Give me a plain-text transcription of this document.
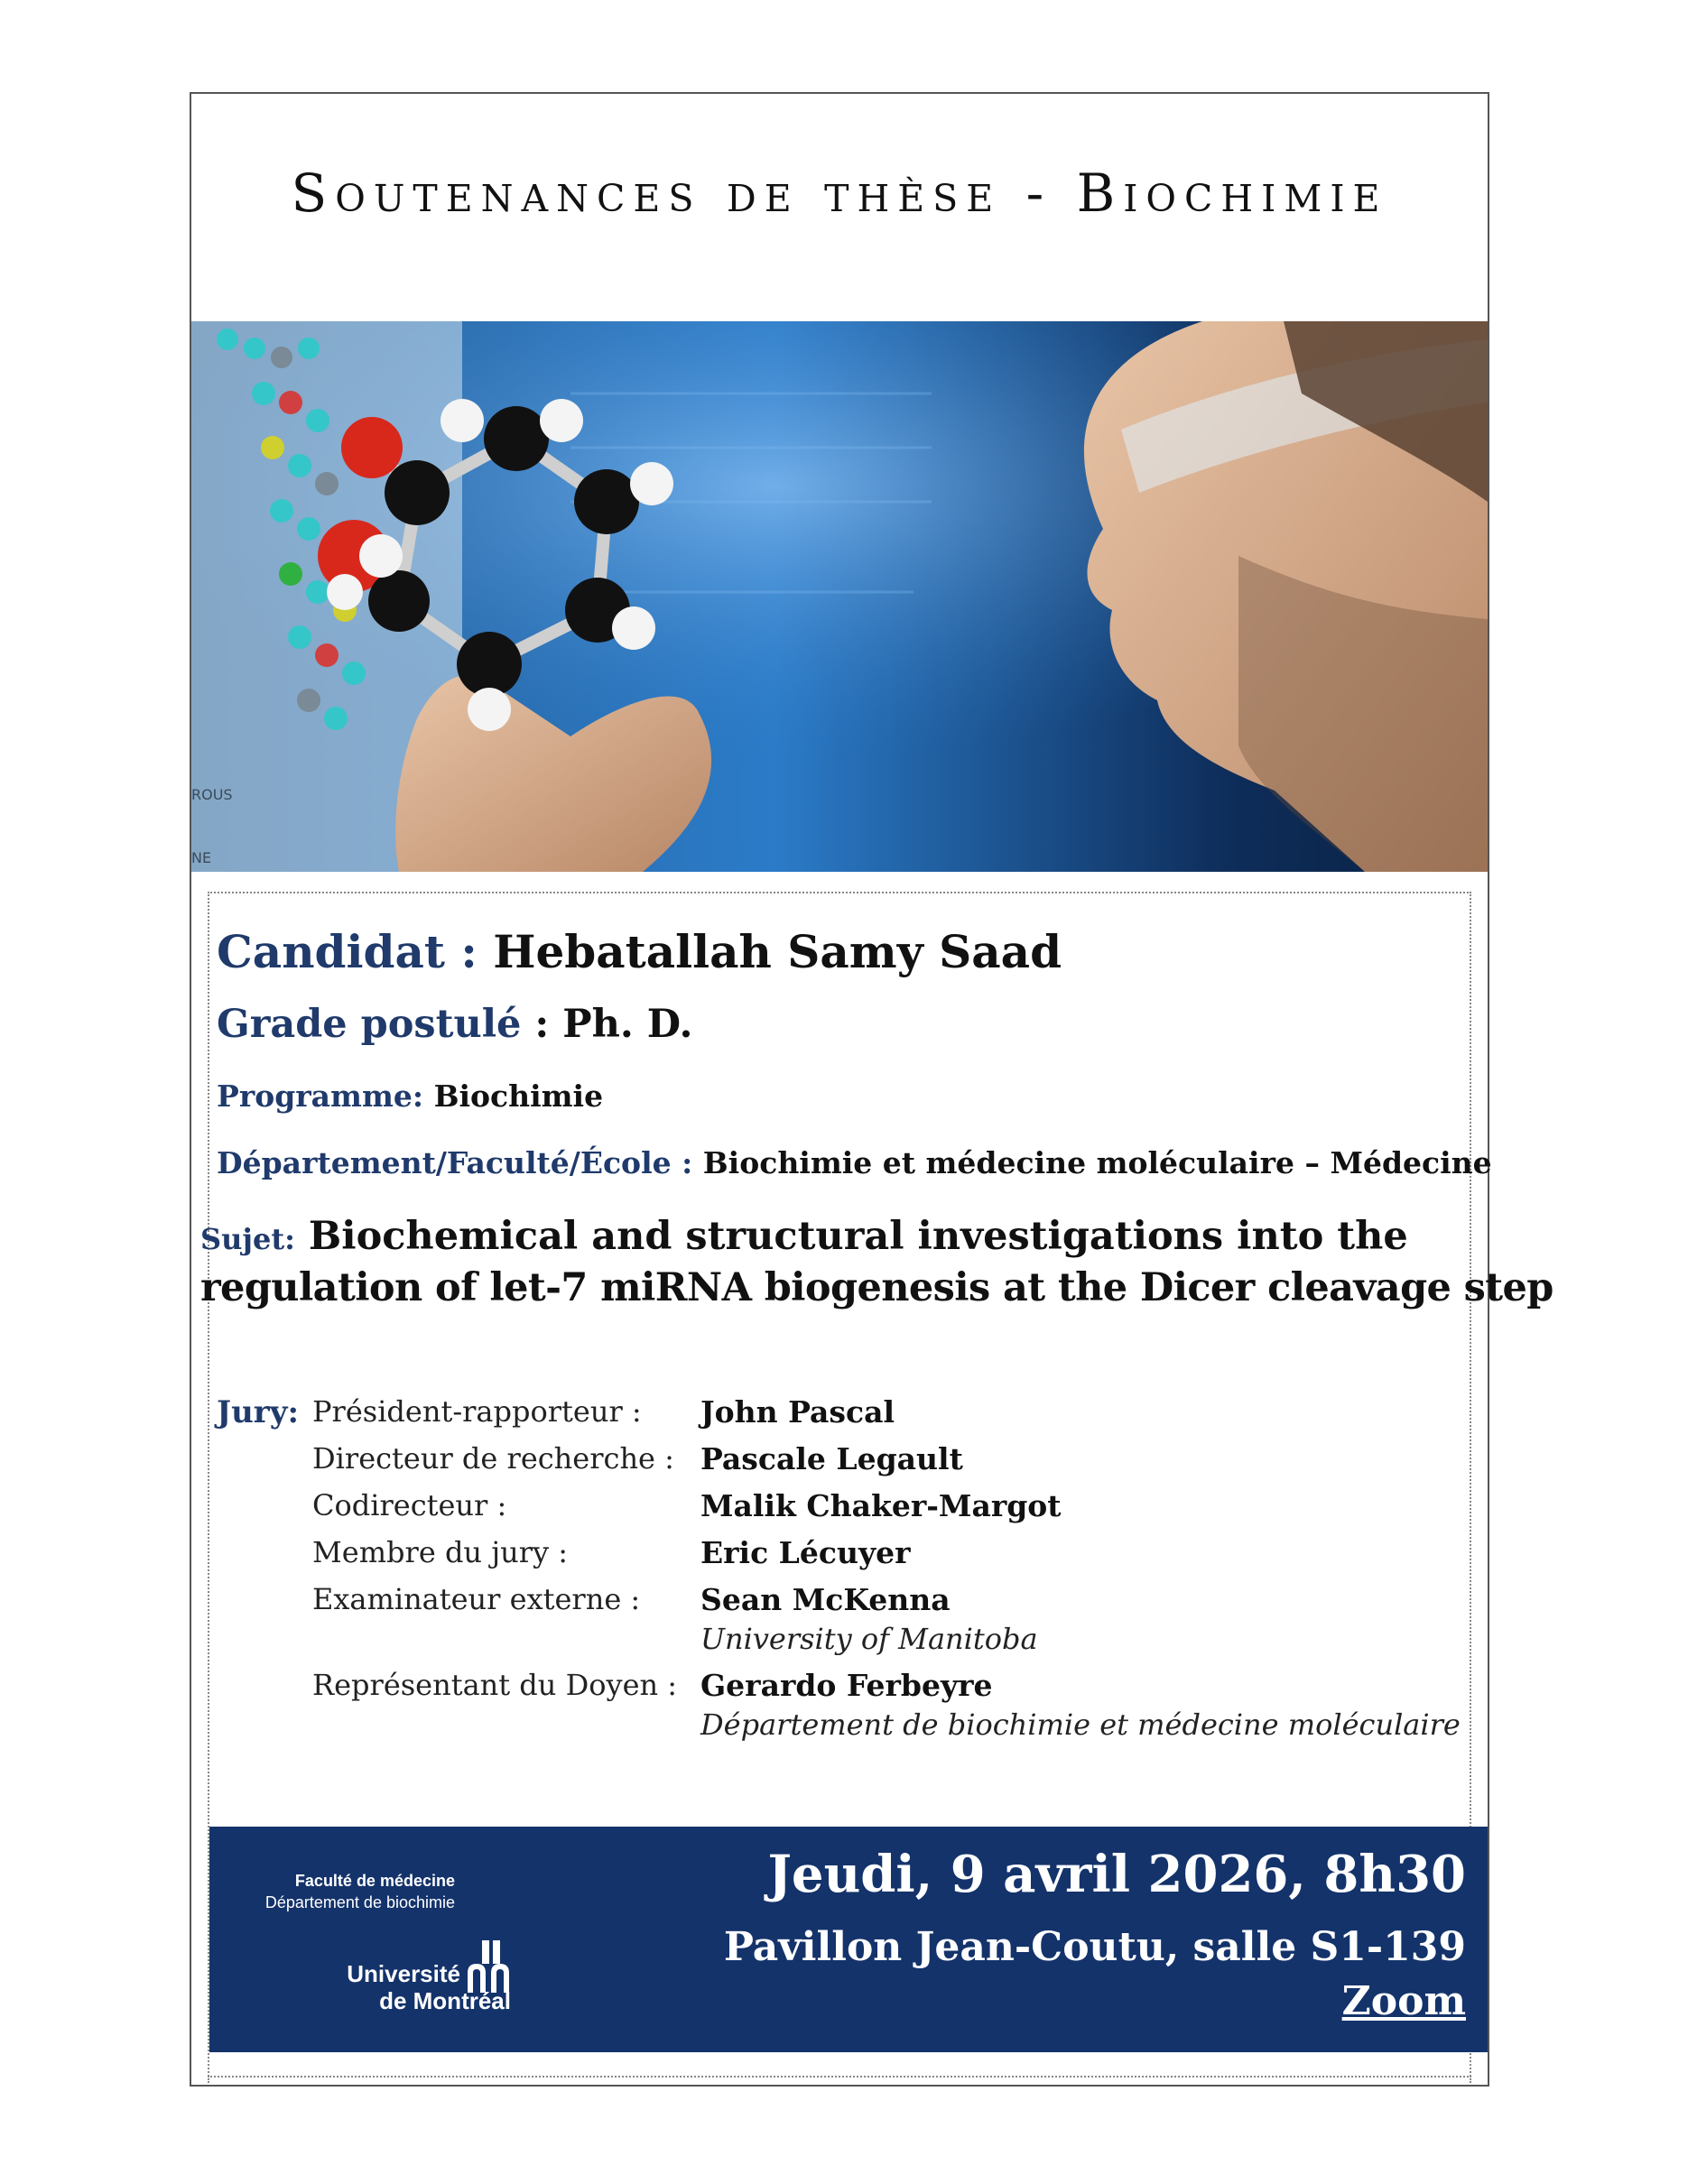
Soutenances de thèse - Biochimie
ROUS
NE
Candidat : Hebatallah Samy Saad
Grade postulé : Ph. D.
Programme: Biochimie
Département/Faculté/École : Biochimie et médecine moléculaire – Médecine
Sujet: Biochemical and structural investigations into the
regulation of let-7 miRNA biogenesis at the Dicer cleavage step
Jury: Président-rapporteur : John Pascal
Directeur de recherche : Pascale Legault
Codirecteur :	Malik Chaker-Margot
Membre du jury :	Eric Lécuyer
Examinateur externe : Sean McKenna
University of Manitoba
Représentant du Doyen : Gerardo Ferbeyre
Département de biochimie et médecine moléculaire
Faculté de médecine
Département de biochimie
Université
de Montréal
Jeudi, 9 avril 2026, 8h30
Pavillon Jean-Coutu, salle S1-139
Zoom
